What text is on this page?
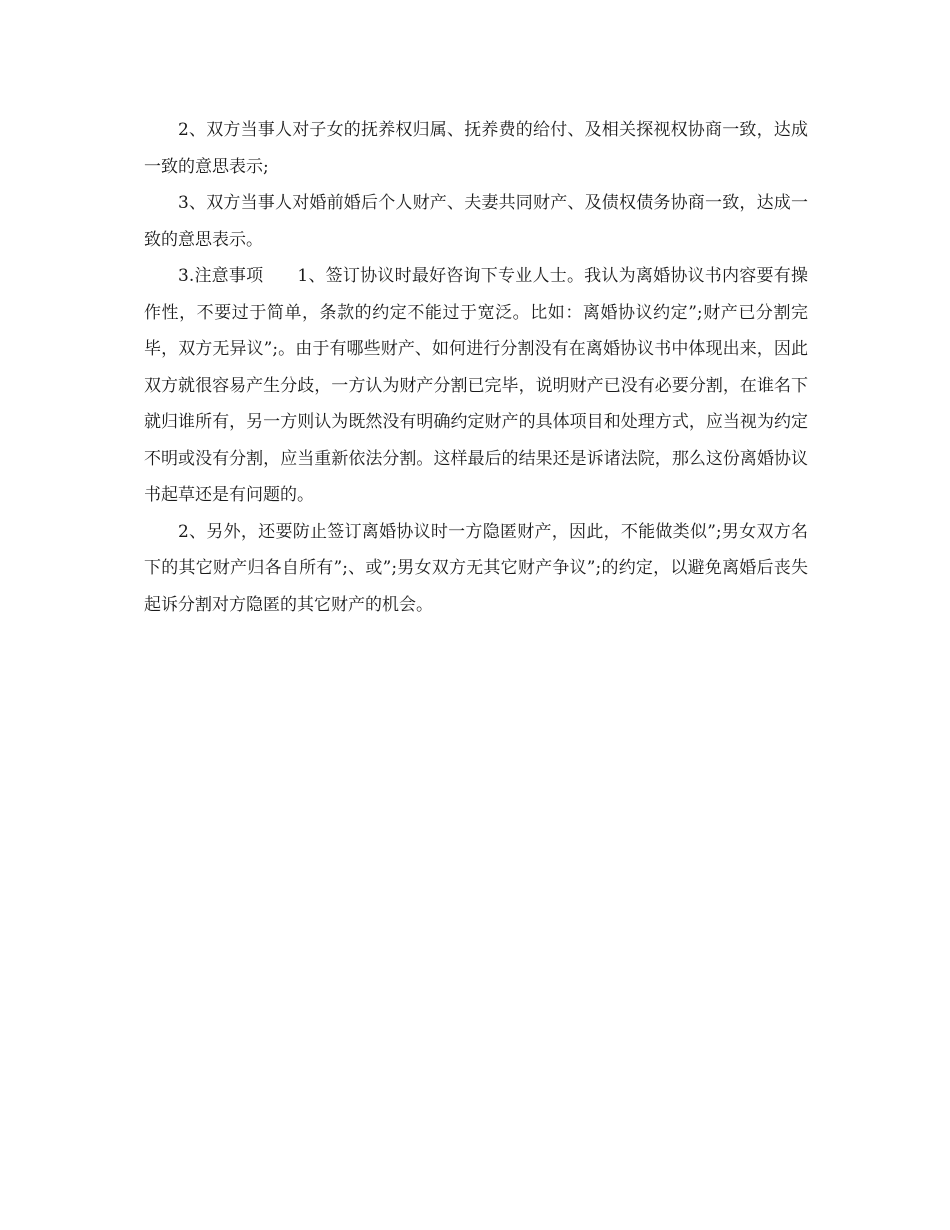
2、双方当事人对子女的抚养权归属、抚养费的给付、及相关探视权协商一致，达成一致的意思表示;

3、双方当事人对婚前婚后个人财产、夫妻共同财产、及债权债务协商一致，达成一致的意思表示。

3.注意事项 1、签订协议时最好咨询下专业人士。我认为离婚协议书内容要有操作性，不要过于简单，条款的约定不能过于宽泛。比如：离婚协议约定”;财产已分割完毕，双方无异议”;。由于有哪些财产、如何进行分割没有在离婚协议书中体现出来，因此双方就很容易产生分歧，一方认为财产分割已完毕，说明财产已没有必要分割，在谁名下就归谁所有，另一方则认为既然没有明确约定财产的具体项目和处理方式，应当视为约定不明或没有分割，应当重新依法分割。这样最后的结果还是诉诸法院，那么这份离婚协议书起草还是有问题的。

2、另外，还要防止签订离婚协议时一方隐匿财产，因此，不能做类似”;男女双方名下的其它财产归各自所有”;、或”;男女双方无其它财产争议”;的约定，以避免离婚后丧失起诉分割对方隐匿的其它财产的机会。
